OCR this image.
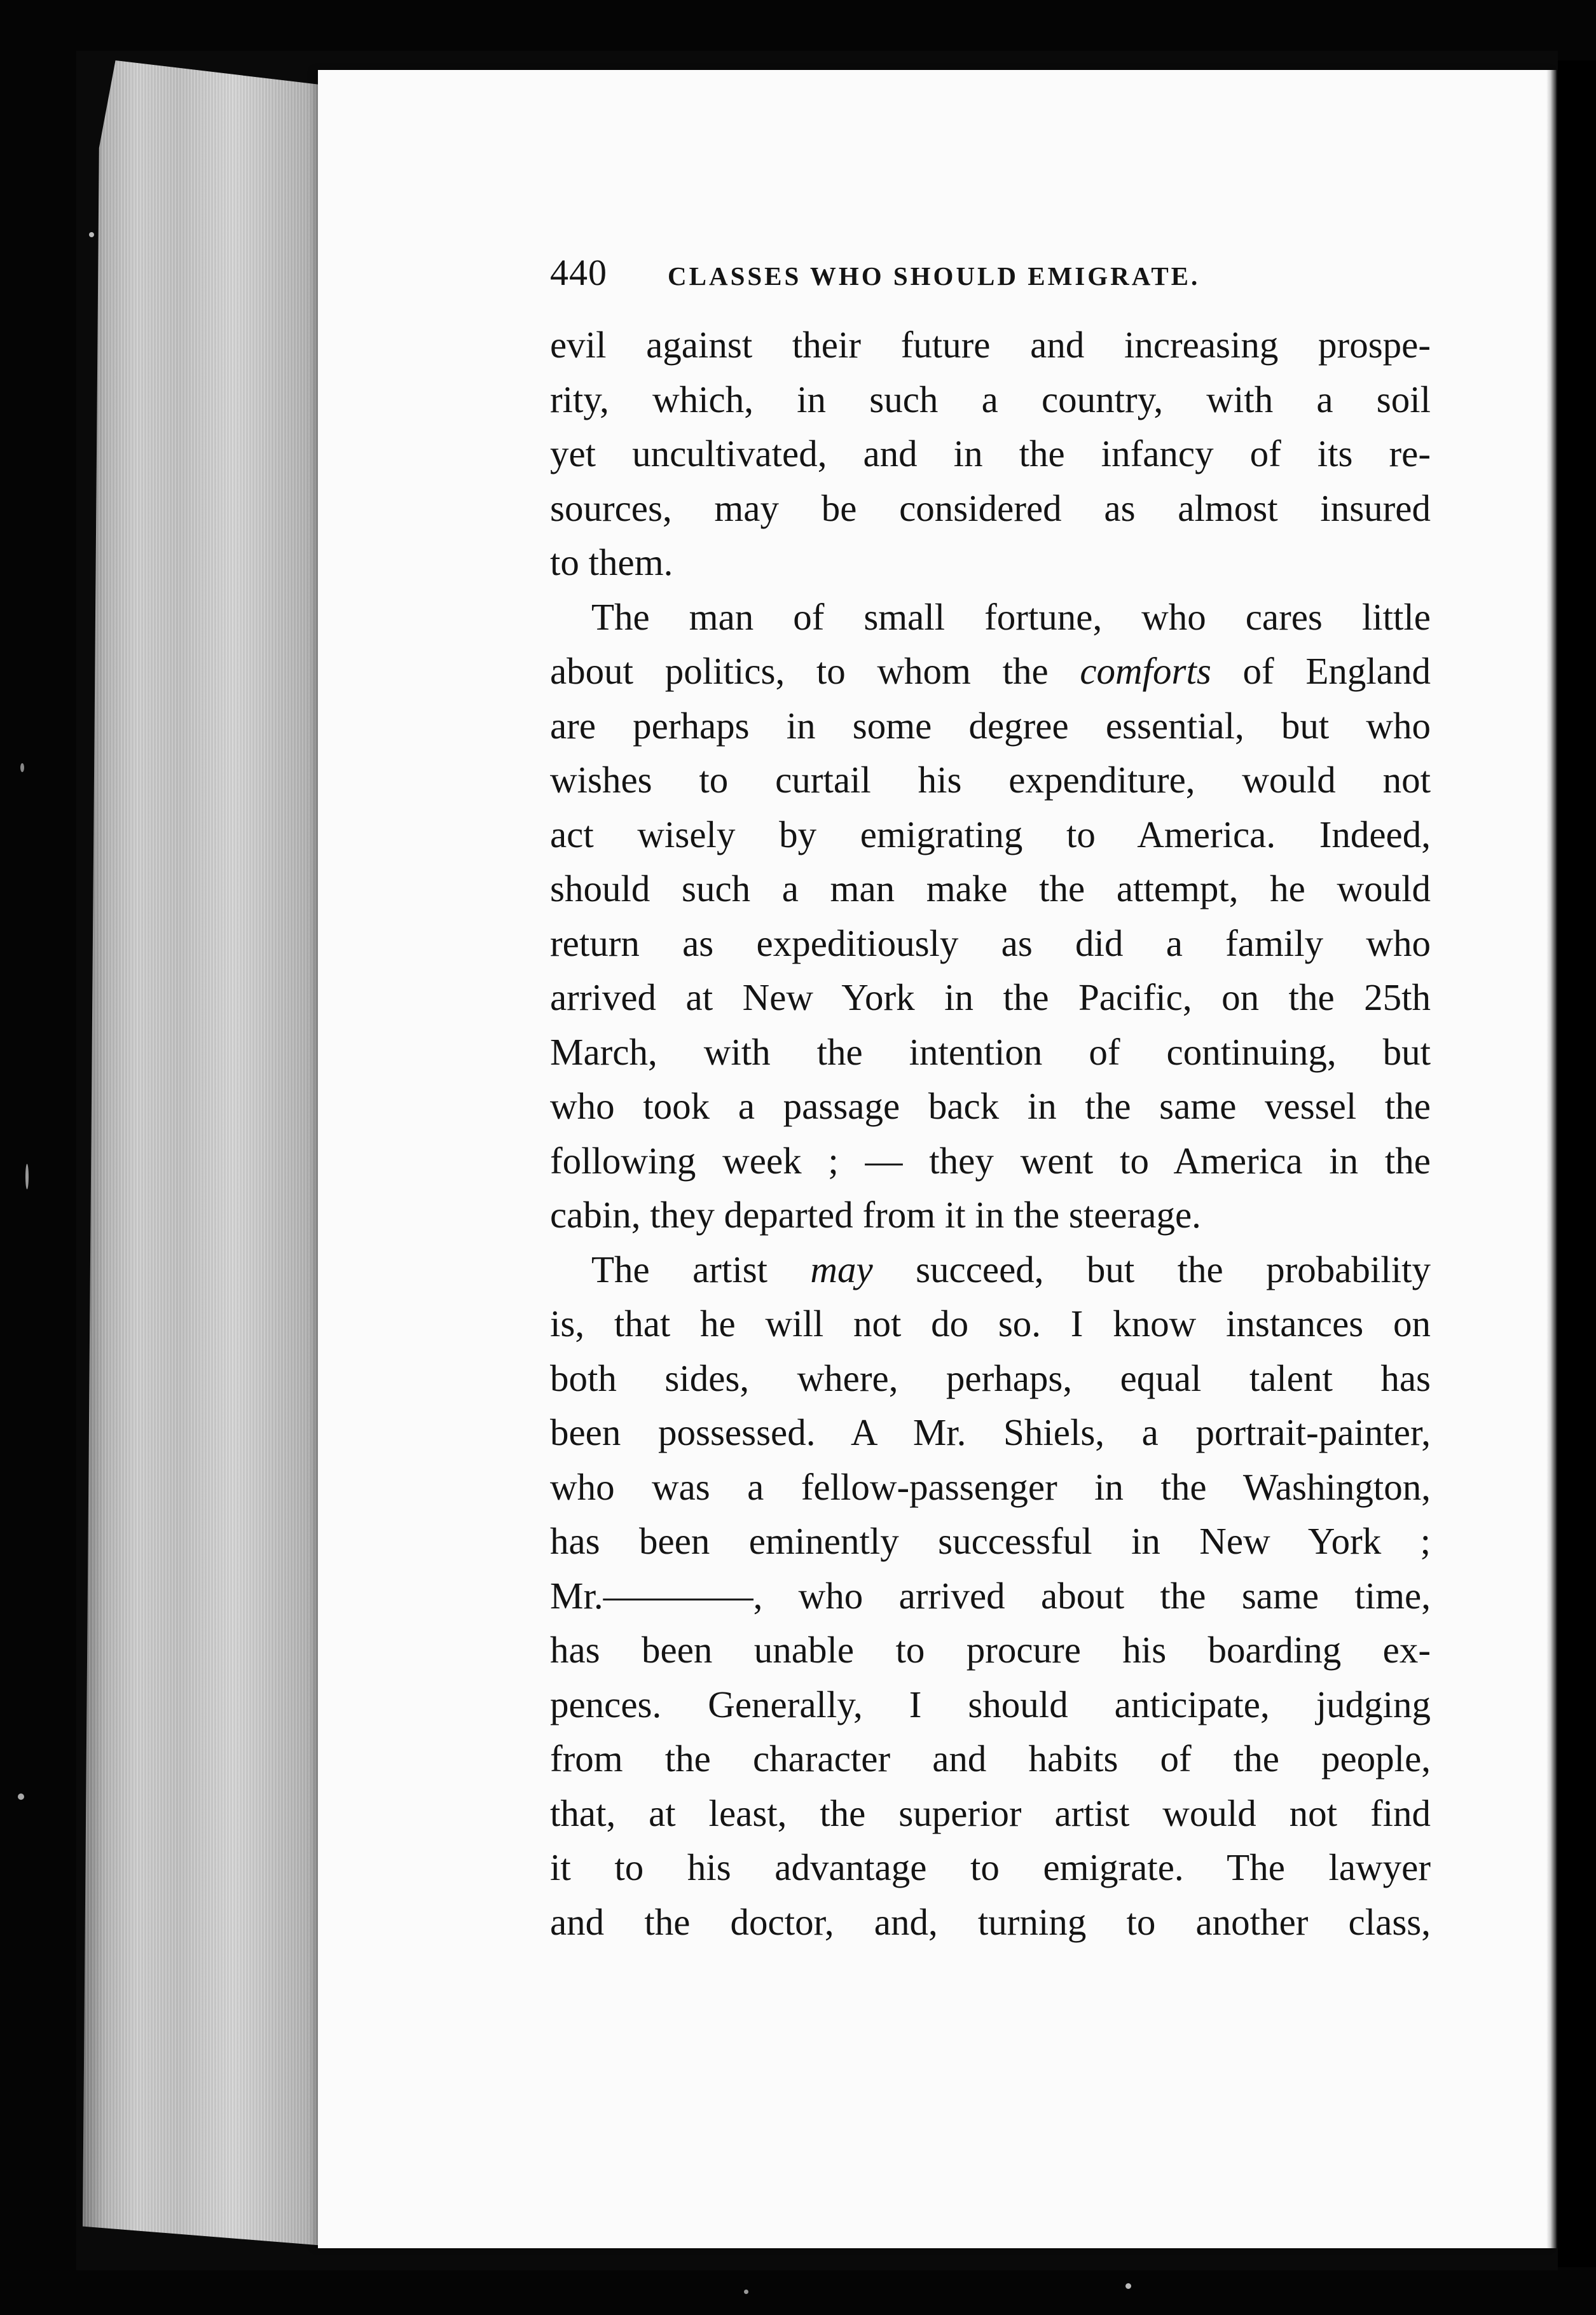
440	CLASSES WHO SHOULD EMIGRATE.

evil against their future and increasing prospe-

rity, which, in such a country, with a soil

yet uncultivated, and in the infancy of its re-

sources, may be considered as almost insured

to them.

The man of small fortune, who cares little

about politics, to whom the comforts of England

are perhaps in some degree essential, but who

wishes to curtail his expenditure, would not

act wisely by emigrating to America. Indeed,

should such a man make the attempt, he would

return as expeditiously as did a family who

arrived at New York in the Pacific, on the 25th

March, with the intention of continuing, but

who took a passage back in the same vessel the

following week ; — they went to America in the

cabin, they departed from it in the steerage.

The artist may succeed, but the probability

is, that he will not do so. I know instances on

both sides, where, perhaps, equal talent has

been possessed. A Mr. Shiels, a portrait-painter,

who was a fellow-passenger in the Washington,

has been eminently successful in New York ;

Mr.————, who arrived about the same time,

has been unable to procure his boarding ex-

pences. Generally, I should anticipate, judging

from the character and habits of the people,

that, at least, the superior artist would not find

it to his advantage to emigrate. The lawyer

and the doctor, and, turning to another class,
